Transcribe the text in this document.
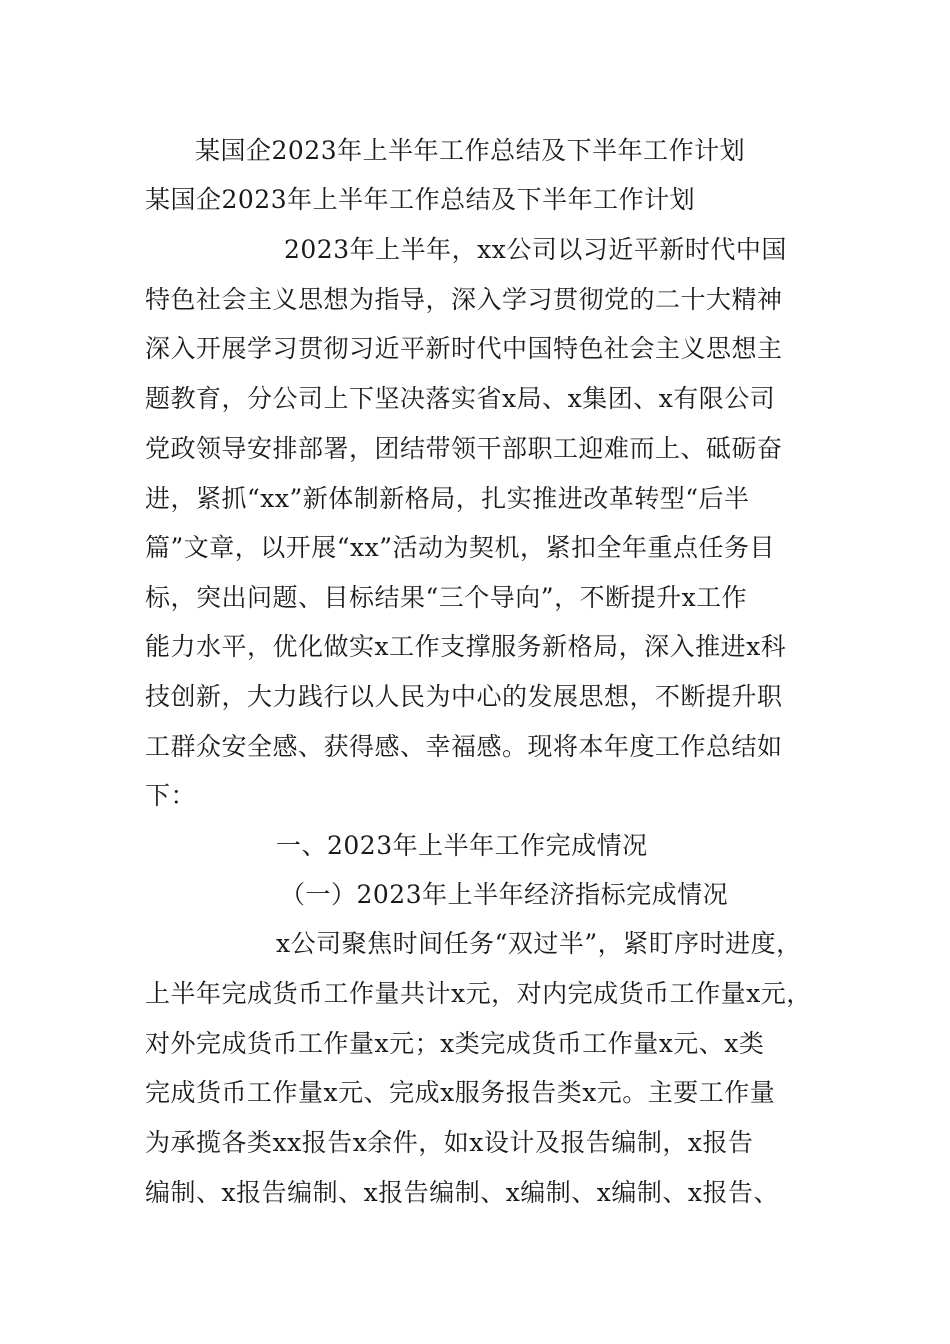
某国企2023年上半年工作总结及下半年工作计划
某国企2023年上半年工作总结及下半年工作计划
2023年上半年，xx公司以习近平新时代中国
特色社会主义思想为指导，深入学习贯彻党的二十大精神
深入开展学习贯彻习近平新时代中国特色社会主义思想主
题教育，分公司上下坚决落实省x局、x集团、x有限公司
党政领导安排部署，团结带领干部职工迎难而上、砥砺奋
进，紧抓“xx”新体制新格局，扎实推进改革转型“后半
篇”文章，以开展“xx”活动为契机，紧扣全年重点任务目
标，突出问题、目标结果“三个导向”，不断提升x工作
能力水平，优化做实x工作支撑服务新格局，深入推进x科
技创新，大力践行以人民为中心的发展思想，不断提升职
工群众安全感、获得感、幸福感。现将本年度工作总结如
下：
一、2023年上半年工作完成情况
（一）2023年上半年经济指标完成情况
x公司聚焦时间任务“双过半”，紧盯序时进度，
上半年完成货币工作量共计x元，对内完成货币工作量x元，
对外完成货币工作量x元；x类完成货币工作量x元、x类
完成货币工作量x元、完成x服务报告类x元。主要工作量
为承揽各类xx报告x余件，如x设计及报告编制，x报告
编制、x报告编制、x报告编制、x编制、x编制、x报告、
